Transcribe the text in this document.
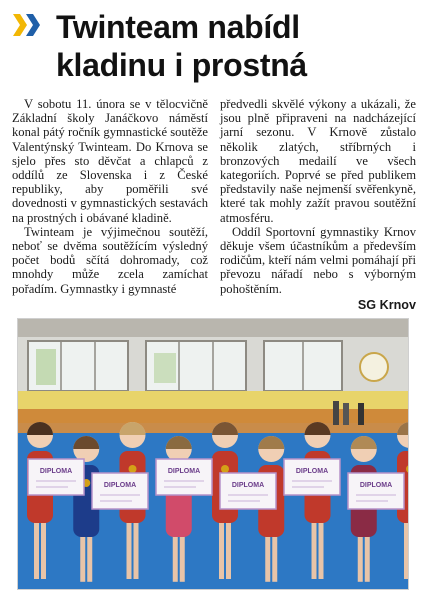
Twinteam nabídl
kladinu i prostná

V sobotu 11. února se v tělocvičně Základní školy Janáčkovo náměstí konal pátý ročník gymnastické soutěže Valentýnský Twinteam. Do Krnova se sjelo přes sto děvčat a chlapců z oddílů ze Slovenska i z České republiky, aby poměřili své dovednosti v gymnastických sestavách na prostných i obávané kladině.

Twinteam je výjimečnou soutěží, neboť se dvěma soutěžícím výsledný počet bodů sčítá dohromady, což mnohdy může zcela zamíchat pořadím. Gymnastky i gymnasté

předvedli skvělé výkony a ukázali, že jsou plně připraveni na nadcházející jarní sezonu. V Krnově zůstalo několik zlatých, stříbrných i bronzových medailí ve všech kategoriích. Poprvé se před publikem představily naše nejmenší svěřenkyně, které tak mohly zažít pravou soutěžní atmosféru.

Oddíl Sportovní gymnastiky Krnov děkuje všem účastníkům a především rodičům, kteří nám velmi pomáhají při převozu nářadí nebo s výborným pohoštěním.

SG Krnov
DIPLOMA
DIPLOMA
DIPLOMA
DIPLOMA
DIPLOMA
DIPLOMA
